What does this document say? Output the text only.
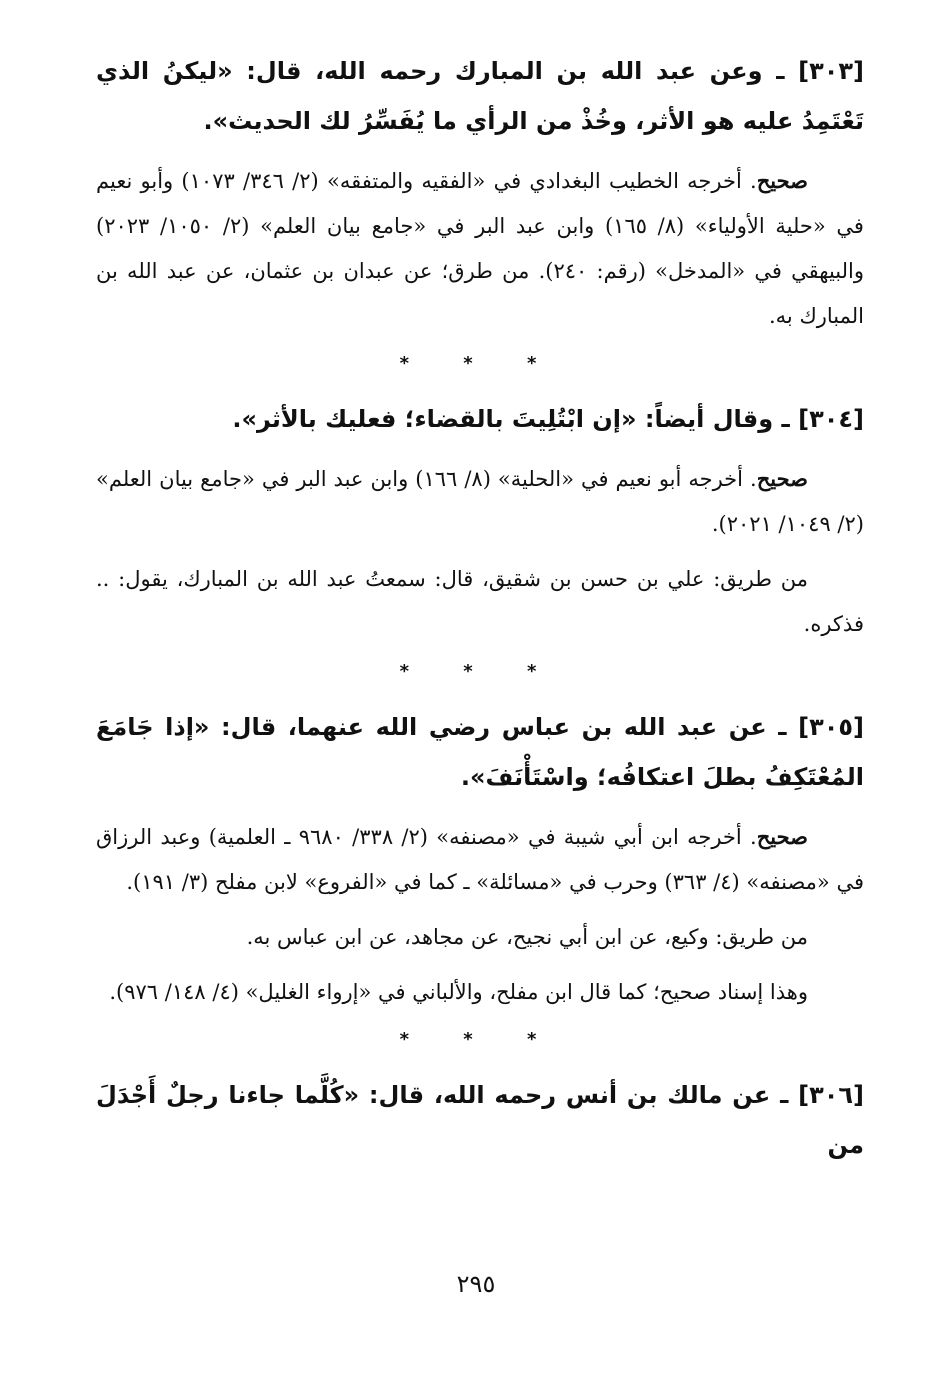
[٣٠٣] ـ وعن عبد الله بن المبارك رحمه الله، قال: «ليكنُ الذي تَعْتَمِدُ عليه هو الأثر، وخُذْ من الرأي ما يُفَسِّرُ لك الحديث».

صحيح. أخرجه الخطيب البغدادي في «الفقيه والمتفقه» (٢/ ٣٤٦/ ١٠٧٣) وأبو نعيم في «حلية الأولياء» (٨/ ١٦٥) وابن عبد البر في «جامع بيان العلم» (٢/ ١٠٥٠/ ٢٠٢٣) والبيهقي في «المدخل» (رقم: ٢٤٠). من طرق؛ عن عبدان بن عثمان، عن عبد الله بن المبارك به.

* * *

[٣٠٤] ـ وقال أيضاً: «إن ابْتُلِيتَ بالقضاء؛ فعليك بالأثر».

صحيح. أخرجه أبو نعيم في «الحلية» (٨/ ١٦٦) وابن عبد البر في «جامع بيان العلم» (٢/ ١٠٤٩/ ٢٠٢١).

من طريق: علي بن حسن بن شقيق، قال: سمعتُ عبد الله بن المبارك، يقول: .. فذكره.

* * *

[٣٠٥] ـ عن عبد الله بن عباس رضي الله عنهما، قال: «إذا جَامَعَ المُعْتَكِفُ بطلَ اعتكافُه؛ واسْتَأْنَفَ».

صحيح. أخرجه ابن أبي شيبة في «مصنفه» (٢/ ٣٣٨/ ٩٦٨٠ ـ العلمية) وعبد الرزاق في «مصنفه» (٤/ ٣٦٣) وحرب في «مسائلة» ـ كما في «الفروع» لابن مفلح (٣/ ١٩١).

من طريق: وكيع، عن ابن أبي نجيح، عن مجاهد، عن ابن عباس به.

وهذا إسناد صحيح؛ كما قال ابن مفلح، والألباني في «إرواء الغليل» (٤/ ١٤٨/ ٩٧٦).

* * *

[٣٠٦] ـ عن مالك بن أنس رحمه الله، قال: «كُلَّما جاءنا رجلٌ أَجْدَلَ من

٢٩٥
